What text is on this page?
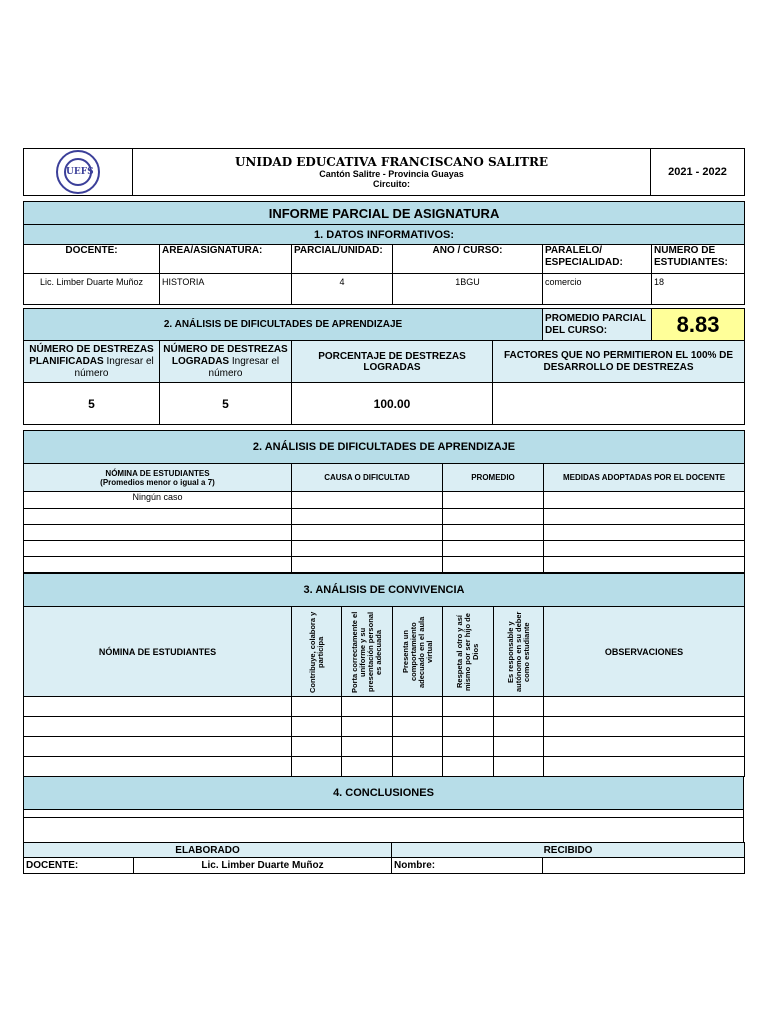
UEFS

UNIDAD EDUCATIVA FRANCISCANO SALITRE
Cantón Salitre - Provincia Guayas
Circuito:
	2021 - 2022
INFORME PARCIAL DE ASIGNATURA					
1. DATOS INFORMATIVOS:					
DOCENTE:	AREA/ASIGNATURA:	PARCIAL/UNIDAD:	ANO / CURSO:	PARALELO/ ESPECIALIDAD:	NUMERO DE ESTUDIANTES:
Lic. Limber Duarte Muñoz	HISTORIA	4	1BGU	comercio	18
2. ANÁLISIS DE DIFICULTADES DE APRENDIZAJE				PROMEDIO PARCIAL DEL CURSO:	8.83
NÚMERO DE DESTREZAS PLANIFICADAS Ingresar el número	NÚMERO DE DESTREZAS LOGRADAS Ingresar el número	PORCENTAJE DE DESTREZAS LOGRADAS	FACTORES QUE NO PERMITIERON EL 100% DE DESARROLLO DE DESTREZAS		
5	5	100.00			
2. ANÁLISIS DE DIFICULTADES DE APRENDIZAJE			

NÓMINA DE ESTUDIANTES
(Promedios menor o igual a 7)	CAUSA O DIFICULTAD	PROMEDIO	MEDIDAS ADOPTADAS POR EL DOCENTE
Ningún caso			

3. ANÁLISIS DE CONVIVENCIA						
NÓMINA DE ESTUDIANTES	Contribuye, colabora y participa	Porta correctamente el uniforme y su presentación personal es adecuada	Presenta un comportamiento adecuado en el aula virtual	Respeta al otro y así mismo por ser hijo de Dios	Es responsable y autónomo en su deber como estudiante	OBSERVACIONES

4. CONCLUSIONES

ELABORADO		RECIBIDO	
DOCENTE:	Lic. Limber Duarte Muñoz	Nombre:	
